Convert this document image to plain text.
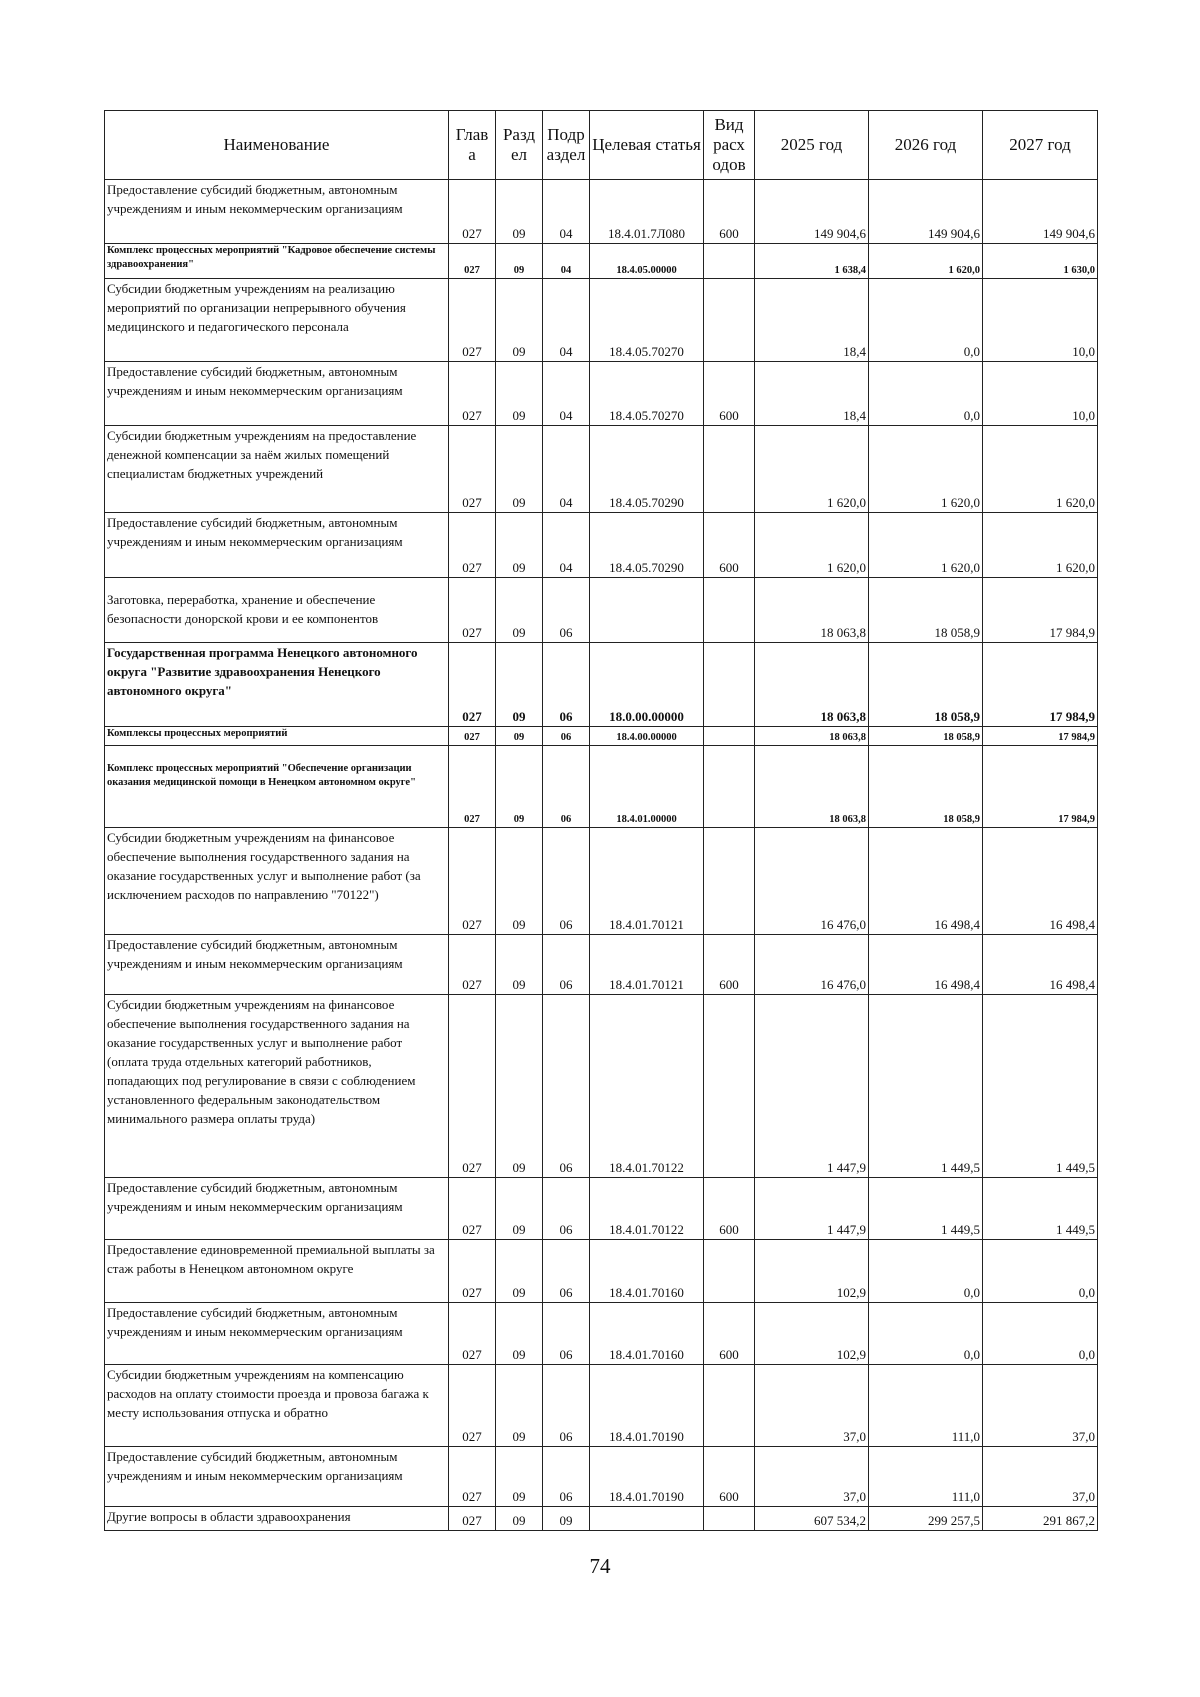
Наименование	Глав а	Разд ел	Подр аздел	Целевая статья	Вид расх одов	2025 год	2026 год	2027 год
Предоставление субсидий бюджетным, автономным учреждениям и иным некоммерческим организациям	027	09	04	18.4.01.7Л080	600	149 904,6	149 904,6	149 904,6
Комплекс процессных мероприятий "Кадровое обеспечение системы здравоохранения"	027	09	04	18.4.05.00000		1 638,4	1 620,0	1 630,0
Субсидии бюджетным учреждениям на реализацию мероприятий по организации непрерывного обучения медицинского и педагогического персонала	027	09	04	18.4.05.70270		18,4	0,0	10,0
Предоставление субсидий бюджетным, автономным учреждениям и иным некоммерческим организациям	027	09	04	18.4.05.70270	600	18,4	0,0	10,0
Субсидии бюджетным учреждениям на предоставление денежной компенсации за наём жилых помещений специалистам бюджетных учреждений	027	09	04	18.4.05.70290		1 620,0	1 620,0	1 620,0
Предоставление субсидий бюджетным, автономным учреждениям и иным некоммерческим организациям	027	09	04	18.4.05.70290	600	1 620,0	1 620,0	1 620,0
Заготовка, переработка, хранение и обеспечение безопасности донорской крови и ее компонентов	027	09	06			18 063,8	18 058,9	17 984,9
Государственная программа Ненецкого автономного округа "Развитие здравоохранения Ненецкого автономного округа"	027	09	06	18.0.00.00000		18 063,8	18 058,9	17 984,9
Комплексы процессных мероприятий	027	09	06	18.4.00.00000		18 063,8	18 058,9	17 984,9
Комплекс процессных мероприятий "Обеспечение организации оказания медицинской помощи в Ненецком автономном округе"	027	09	06	18.4.01.00000		18 063,8	18 058,9	17 984,9
Субсидии бюджетным учреждениям на финансовое обеспечение выполнения государственного задания на оказание государственных услуг и выполнение работ (за исключением расходов по направлению "70122")	027	09	06	18.4.01.70121		16 476,0	16 498,4	16 498,4
Предоставление субсидий бюджетным, автономным учреждениям и иным некоммерческим организациям	027	09	06	18.4.01.70121	600	16 476,0	16 498,4	16 498,4
Субсидии бюджетным учреждениям на финансовое обеспечение выполнения государственного задания на оказание государственных услуг и выполнение работ (оплата труда отдельных категорий работников, попадающих под регулирование в связи с соблюдением установленного федеральным законодательством минимального размера оплаты труда)	027	09	06	18.4.01.70122		1 447,9	1 449,5	1 449,5
Предоставление субсидий бюджетным, автономным учреждениям и иным некоммерческим организациям	027	09	06	18.4.01.70122	600	1 447,9	1 449,5	1 449,5
Предоставление единовременной премиальной выплаты за стаж работы в Ненецком автономном округе	027	09	06	18.4.01.70160		102,9	0,0	0,0
Предоставление субсидий бюджетным, автономным учреждениям и иным некоммерческим организациям	027	09	06	18.4.01.70160	600	102,9	0,0	0,0
Субсидии бюджетным учреждениям на компенсацию расходов на оплату стоимости проезда и провоза багажа к месту использования отпуска и обратно	027	09	06	18.4.01.70190		37,0	111,0	37,0
Предоставление субсидий бюджетным, автономным учреждениям и иным некоммерческим организациям	027	09	06	18.4.01.70190	600	37,0	111,0	37,0
Другие вопросы в области здравоохранения	027	09	09			607 534,2	299 257,5	291 867,2
74
